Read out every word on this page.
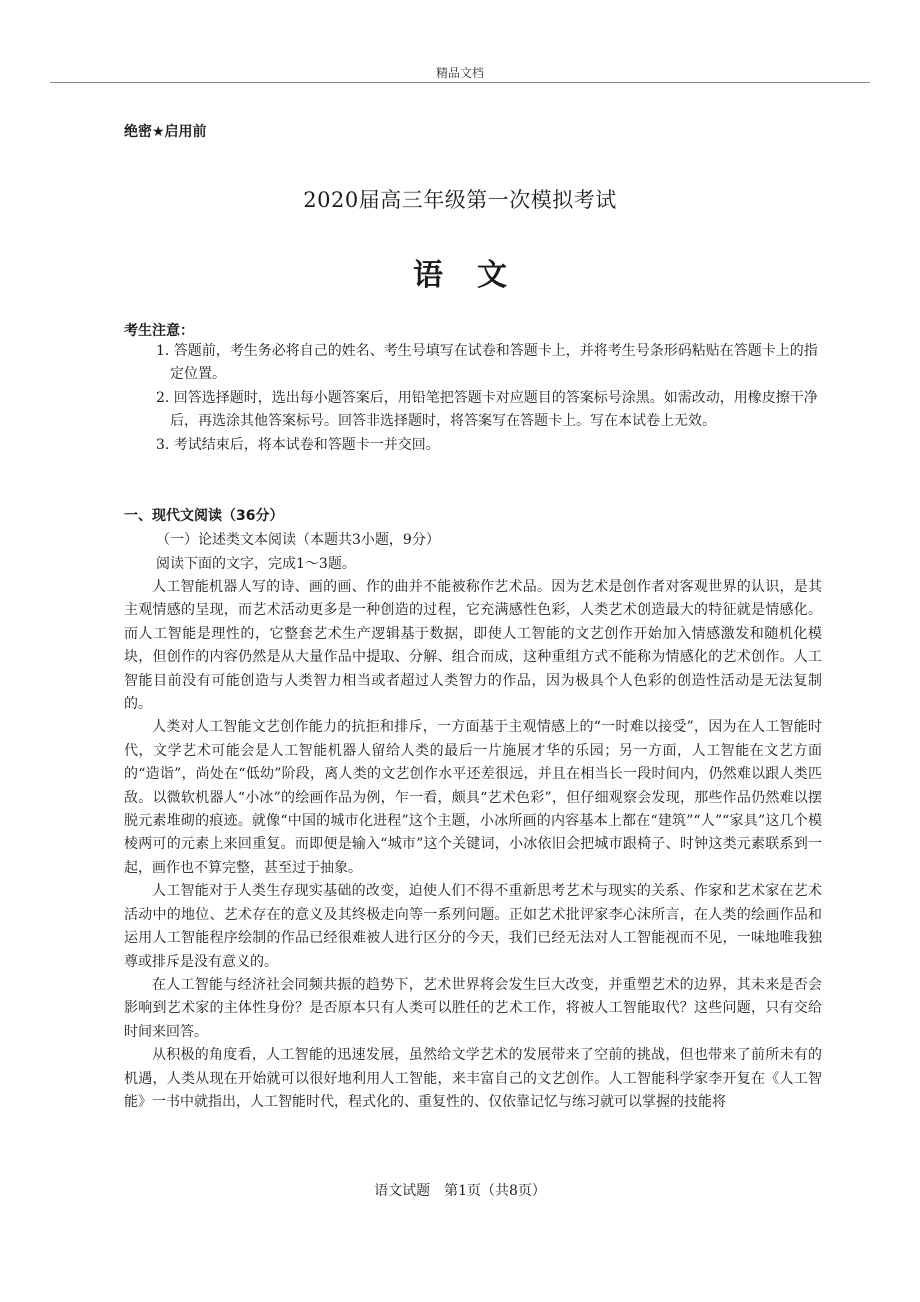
精品文档
绝密★启用前
2020届高三年级第一次模拟考试
语文
考生注意：
1. 答题前，考生务必将自己的姓名、考生号填写在试卷和答题卡上，并将考生号条形码粘贴在答题卡上的指定位置。
2. 回答选择题时，选出每小题答案后，用铅笔把答题卡对应题目的答案标号涂黑。如需改动，用橡皮擦干净后，再选涂其他答案标号。回答非选择题时，将答案写在答题卡上。写在本试卷上无效。
3. 考试结束后，将本试卷和答题卡一并交回。
一、现代文阅读（36分）
（一）论述类文本阅读（本题共3小题，9分）
阅读下面的文字，完成1～3题。

人工智能机器人写的诗、画的画、作的曲并不能被称作艺术品。因为艺术是创作者对客观世界的认识，是其主观情感的呈现，而艺术活动更多是一种创造的过程，它充满感性色彩，人类艺术创造最大的特征就是情感化。而人工智能是理性的，它整套艺术生产逻辑基于数据，即使人工智能的文艺创作开始加入情感激发和随机化模块，但创作的内容仍然是从大量作品中提取、分解、组合而成，这种重组方式不能称为情感化的艺术创作。人工智能目前没有可能创造与人类智力相当或者超过人类智力的作品，因为极具个人色彩的创造性活动是无法复制的。

人类对人工智能文艺创作能力的抗拒和排斥，一方面基于主观情感上的“一时难以接受”，因为在人工智能时代，文学艺术可能会是人工智能机器人留给人类的最后一片施展才华的乐园；另一方面，人工智能在文艺方面的“造诣”，尚处在“低幼”阶段，离人类的文艺创作水平还差很远，并且在相当长一段时间内，仍然难以跟人类匹敌。以微软机器人“小冰”的绘画作品为例，乍一看，颇具“艺术色彩”，但仔细观察会发现，那些作品仍然难以摆脱元素堆砌的痕迹。就像“中国的城市化进程”这个主题，小冰所画的内容基本上都在“建筑”“人”“家具”这几个模棱两可的元素上来回重复。而即便是输入“城市”这个关键词，小冰依旧会把城市跟椅子、时钟这类元素联系到一起，画作也不算完整，甚至过于抽象。

人工智能对于人类生存现实基础的改变，迫使人们不得不重新思考艺术与现实的关系、作家和艺术家在艺术活动中的地位、艺术存在的意义及其终极走向等一系列问题。正如艺术批评家李心沫所言，在人类的绘画作品和运用人工智能程序绘制的作品已经很难被人进行区分的今天，我们已经无法对人工智能视而不见，一味地唯我独尊或排斥是没有意义的。

在人工智能与经济社会同频共振的趋势下，艺术世界将会发生巨大改变，并重塑艺术的边界，其未来是否会影响到艺术家的主体性身份？是否原本只有人类可以胜任的艺术工作，将被人工智能取代？这些问题，只有交给时间来回答。

从积极的角度看，人工智能的迅速发展，虽然给文学艺术的发展带来了空前的挑战，但也带来了前所未有的机遇，人类从现在开始就可以很好地利用人工智能，来丰富自己的文艺创作。人工智能科学家李开复在《人工智能》一书中就指出，人工智能时代，程式化的、重复性的、仅依靠记忆与练习就可以掌握的技能将

语文试题　第1页（共8页）
